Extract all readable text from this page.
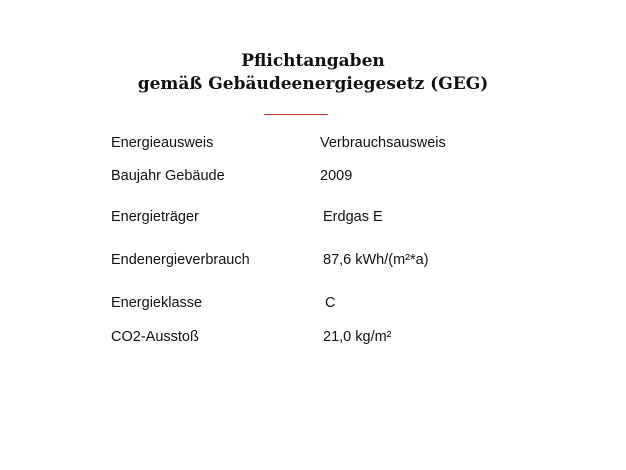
Pflichtangaben
gemäß Gebäudeenergiegesetz (GEG)
Energieausweis	Verbrauchsausweis
Baujahr Gebäude	2009
Energieträger	Erdgas E
Endenergieverbrauch	87,6 kWh/(m²*a)
Energieklasse	C
CO2-Ausstoß	21,0 kg/m²
